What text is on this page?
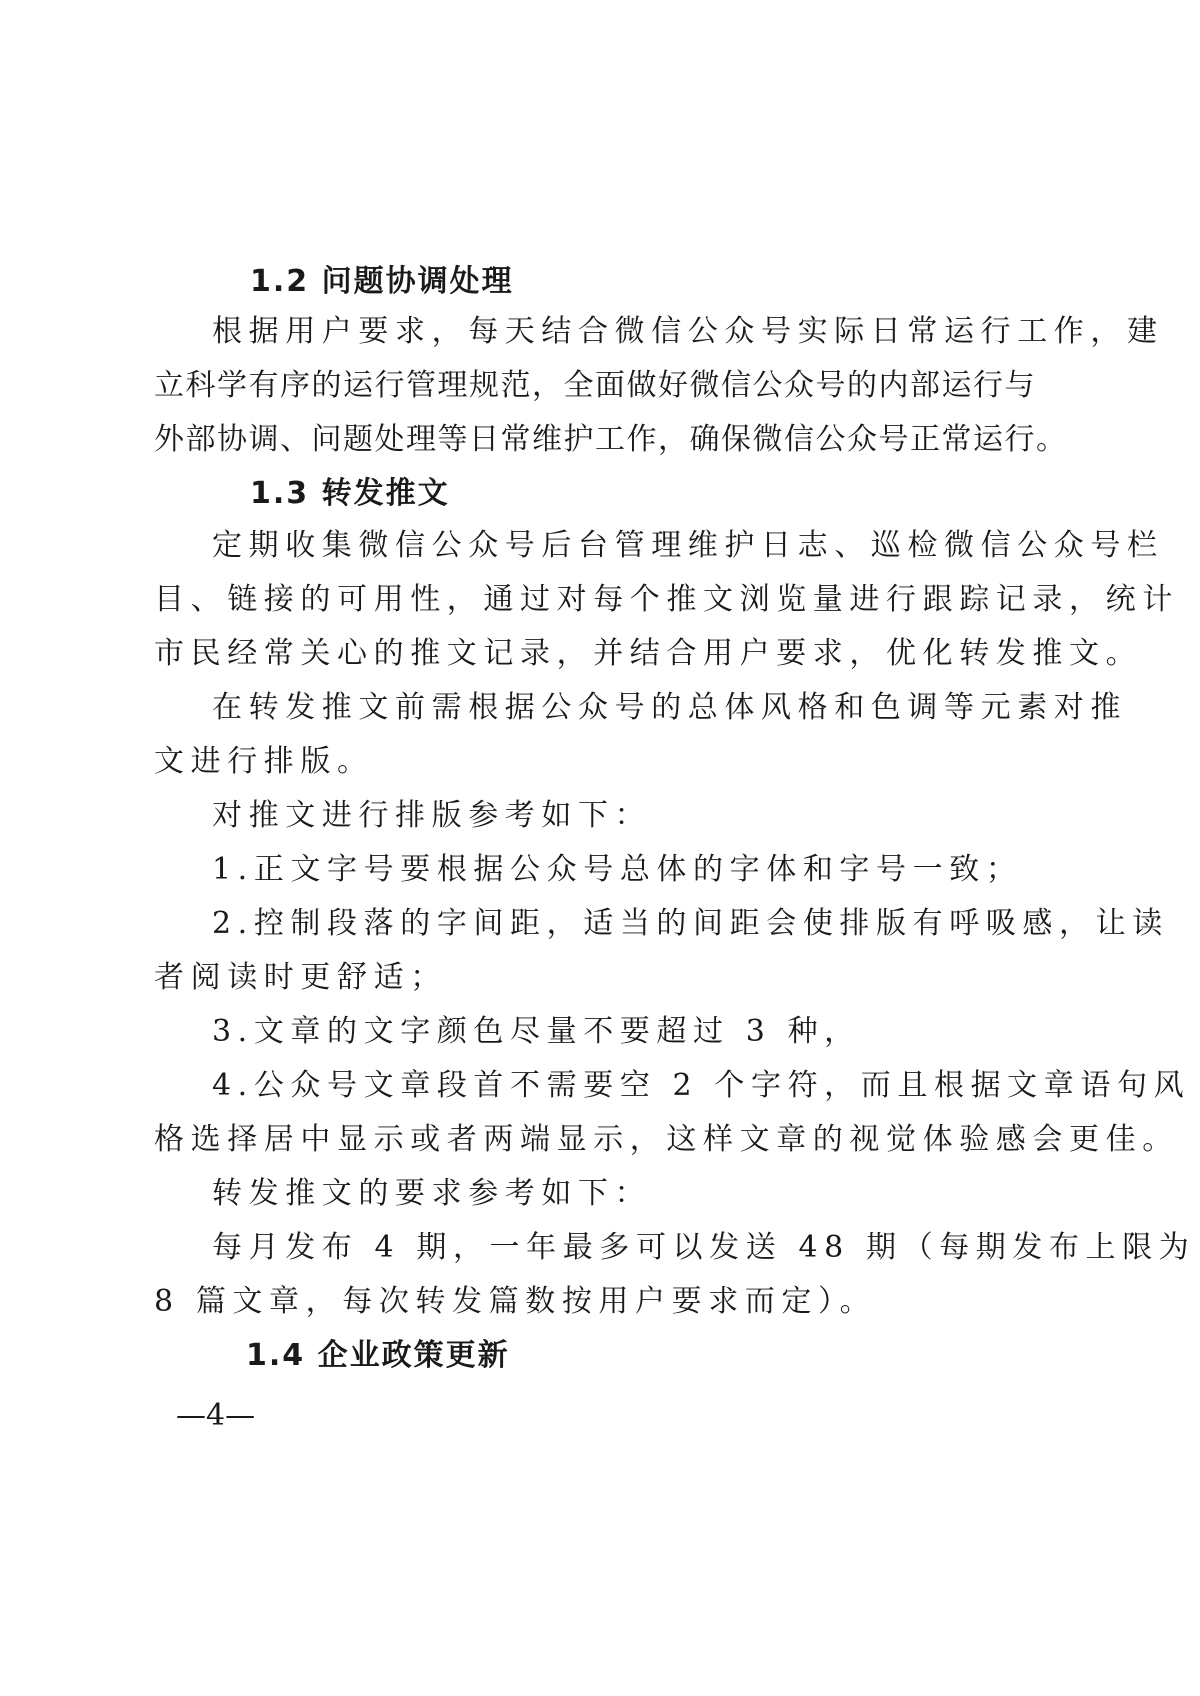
1.2 问题协调处理
根据用户要求，每天结合微信公众号实际日常运行工作，建
立科学有序的运行管理规范，全面做好微信公众号的内部运行与
外部协调、问题处理等日常维护工作，确保微信公众号正常运行。
1.3 转发推文
定期收集微信公众号后台管理维护日志、巡检微信公众号栏
目、链接的可用性，通过对每个推文浏览量进行跟踪记录，统计
市民经常关心的推文记录，并结合用户要求，优化转发推文。
在转发推文前需根据公众号的总体风格和色调等元素对推
文进行排版。
对推文进行排版参考如下：
1.正文字号要根据公众号总体的字体和字号一致；
2.控制段落的字间距，适当的间距会使排版有呼吸感，让读
者阅读时更舒适；
3.文章的文字颜色尽量不要超过 3 种，
4.公众号文章段首不需要空 2 个字符，而且根据文章语句风
格选择居中显示或者两端显示，这样文章的视觉体验感会更佳。
转发推文的要求参考如下：
每月发布 4 期，一年最多可以发送 48 期（每期发布上限为
8 篇文章，每次转发篇数按用户要求而定）。
1.4 企业政策更新
—4—
